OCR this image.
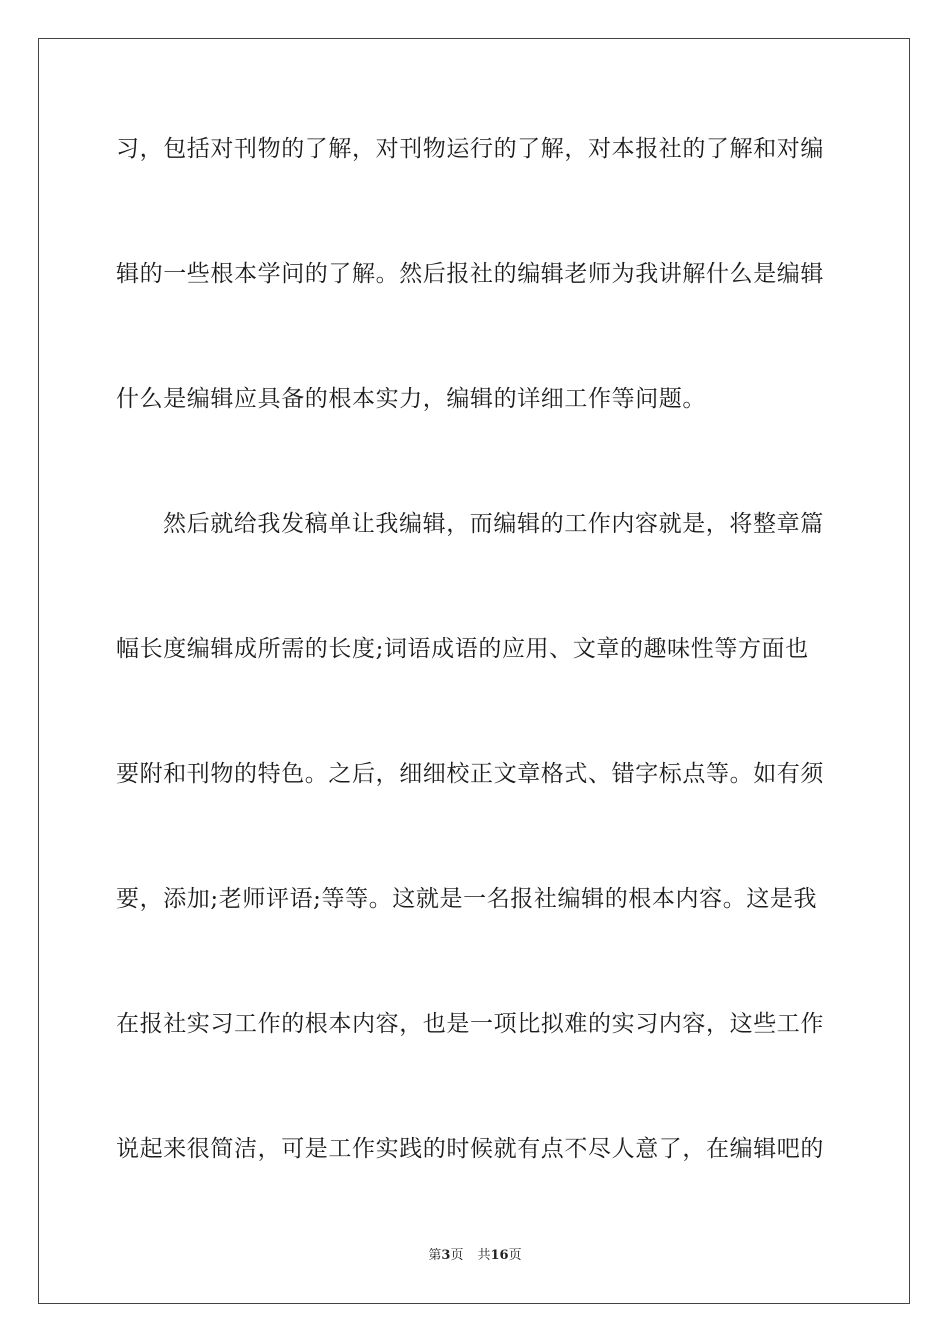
习，包括对刊物的了解，对刊物运行的了解，对本报社的了解和对编
辑的一些根本学问的了解。然后报社的编辑老师为我讲解什么是编辑
什么是编辑应具备的根本实力，编辑的详细工作等问题。
然后就给我发稿单让我编辑，而编辑的工作内容就是，将整章篇
幅长度编辑成所需的长度;词语成语的应用、文章的趣味性等方面也
要附和刊物的特色。之后，细细校正文章格式、错字标点等。如有须
要，添加;老师评语;等等。这就是一名报社编辑的根本内容。这是我
在报社实习工作的根本内容，也是一项比拟难的实习内容，这些工作
说起来很简洁，可是工作实践的时候就有点不尽人意了，在编辑吧的
第3页 共16页
